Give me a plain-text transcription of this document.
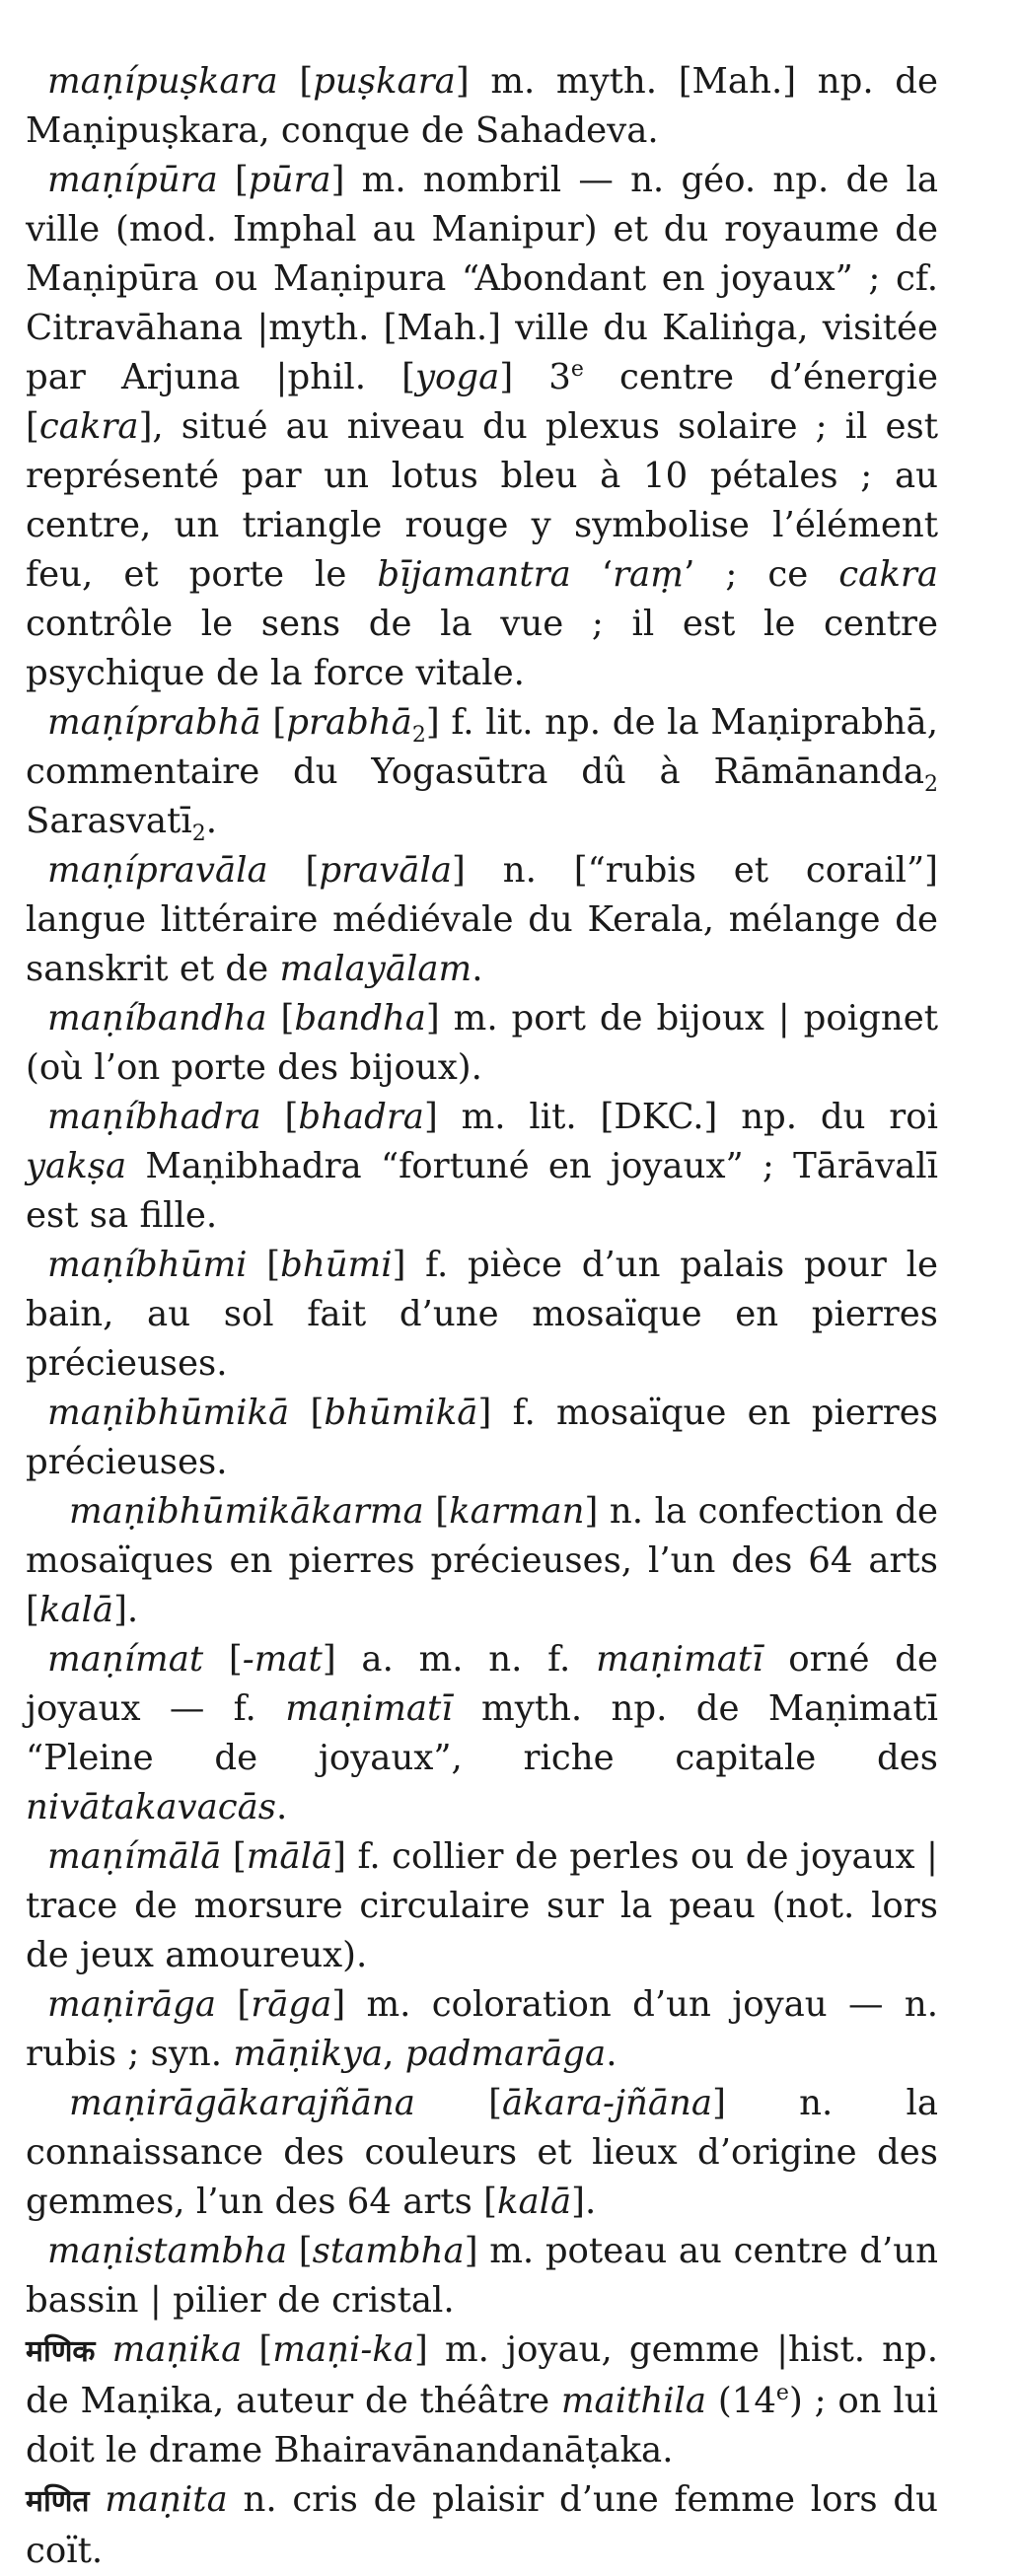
maṇípuṣkara [puṣkara] m. myth. [Mah.] np. de Maṇipuṣkara, conque de Sahadeva.

maṇípūra [pūra] m. nombril — n. géo. np. de la ville (mod. Imphal au Manipur) et du royaume de Maṇipūra ou Maṇipura “Abondant en joyaux” ; cf. Citravāhana |myth. [Mah.] ville du Kaliṅga, visitée par Arjuna |phil. [yoga] 3e centre d’énergie [cakra], situé au niveau du plexus solaire ; il est représenté par un lotus bleu à 10 pétales ; au centre, un triangle rouge y symbolise l’élément feu, et porte le bījamantra ‘raṃ’ ; ce cakra contrôle le sens de la vue ; il est le centre psychique de la force vitale.

maṇíprabhā [prabhā$_2$] f. lit. np. de la Maṇiprabhā, commentaire du Yogasūtra dû à Rāmānanda$_2$ Sarasvatī$_2$.

maṇípravāla [pravāla] n. [“rubis et corail”] langue littéraire médiévale du Kerala, mélange de sanskrit et de malayālam.

maṇíbandha [bandha] m. port de bijoux | poignet (où l’on porte des bijoux).

maṇíbhadra [bhadra] m. lit. [DKC.] np. du roi yakṣa Maṇibhadra “fortuné en joyaux” ; Tārāvalī est sa fille.

maṇíbhūmi [bhūmi] f. pièce d’un palais pour le bain, au sol fait d’une mosaïque en pierres précieuses.

maṇibhūmikā [bhūmikā] f. mosaïque en pierres précieuses.

maṇibhūmikākarma [karman] n. la confection de mosaïques en pierres précieuses, l’un des 64 arts [kalā].

maṇímat [-mat] a. m. n. f. maṇimatī orné de joyaux — f. maṇimatī myth. np. de Maṇimatī “Pleine de joyaux”, riche capitale des nivātakavacās.

maṇímālā [mālā] f. collier de perles ou de joyaux | trace de morsure circulaire sur la peau (not. lors de jeux amoureux).

maṇirāga [rāga] m. coloration d’un joyau — n. rubis ; syn. māṇikya, padmarāga.

maṇirāgākarajñāna [ākara-jñāna] n. la connaissance des couleurs et lieux d’origine des gemmes, l’un des 64 arts [kalā].

maṇistambha [stambha] m. poteau au centre d’un bassin | pilier de cristal.

मणिक maṇika [maṇi-ka] m. joyau, gemme |hist. np. de Maṇika, auteur de théâtre maithila (14e) ; on lui doit le drame Bhairavānandanāṭaka.

मणित maṇita n. cris de plaisir d’une femme lors du coït.
